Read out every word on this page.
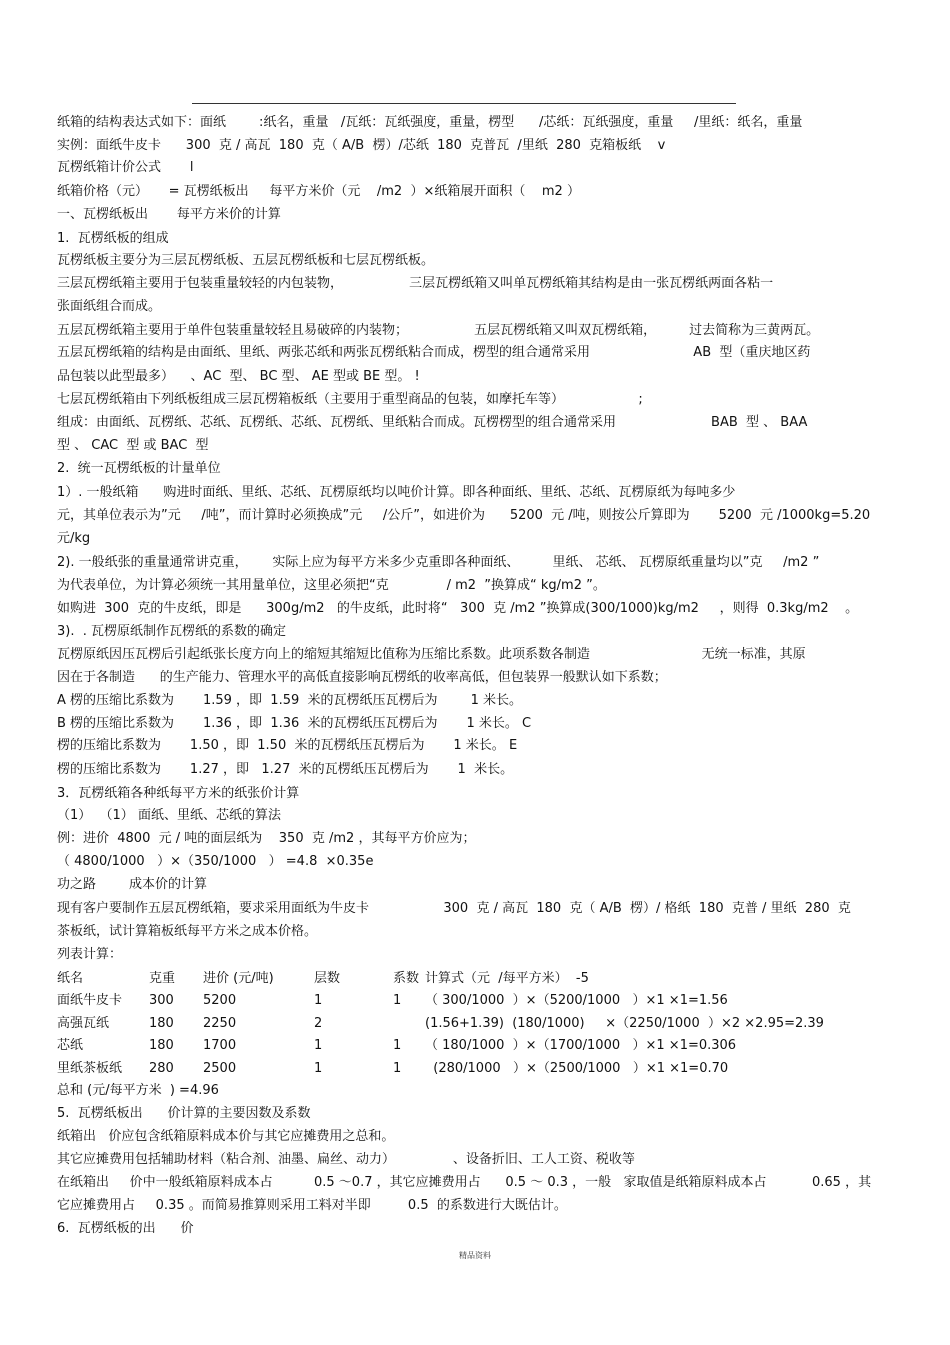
纸箱的结构表达式如下：面纸        :纸名，重量   /瓦纸：瓦纸强度，重量，楞型      /芯纸：瓦纸强度，重量     /里纸：纸名，重量
实例：面纸牛皮卡      300  克 / 高瓦  180  克（ A/B  楞）/芯纸  180  克普瓦  /里纸  280  克箱板纸    v
瓦楞纸箱计价公式       l
纸箱价格（元）     = 瓦楞纸板出     每平方米价（元    /m2  ）×纸箱展开面积（    m2 ）
一、瓦楞纸板出       每平方米价的计算
1.  瓦楞纸板的组成
瓦楞纸板主要分为三层瓦楞纸板、五层瓦楞纸板和七层瓦楞纸板。
三层瓦楞纸箱主要用于包装重量较轻的内包装物，                三层瓦楞纸箱又叫单瓦楞纸箱其结构是由一张瓦楞纸两面各粘一
张面纸组合而成。
五层瓦楞纸箱主要用于单件包装重量较轻且易破碎的内装物；                五层瓦楞纸箱又叫双瓦楞纸箱，        过去简称为三黄两瓦。
五层瓦楞纸箱的结构是由面纸、里纸、两张芯纸和两张瓦楞纸粘合而成，楞型的组合通常采用                         AB  型（重庆地区药
品包装以此型最多）    、AC  型、 BC 型、 AE 型或 BE 型。 !
七层瓦楞纸箱由下列纸板组成三层瓦楞箱板纸（主要用于重型商品的包装，如摩托车等）                  ;
组成：由面纸、瓦楞纸、芯纸、瓦楞纸、芯纸、瓦楞纸、里纸粘合而成。瓦楞楞型的组合通常采用                       BAB  型 、 BAA
型 、 CAC  型 或 BAC  型
2.  统一瓦楞纸板的计量单位
1）. 一般纸箱      购进时面纸、里纸、芯纸、瓦楞原纸均以吨价计算。即各种面纸、里纸、芯纸、瓦楞原纸为每吨多少
元，其单位表示为”元     /吨”，而计算时必须换成”元     /公斤”，如进价为      5200  元 /吨，则按公斤算即为       5200  元 /1000kg=5.20
元/kg
2). 一般纸张的重量通常讲克重，      实际上应为每平方米多少克重即各种面纸、        里纸、 芯纸、 瓦楞原纸重量均以”克     /m2 ”
为代表单位，为计算必须统一其用量单位，这里必须把“克              / m2  ”换算成“ kg/m2 ”。
如购进  300  克的牛皮纸，即是      300g/m2   的牛皮纸，此时将“   300  克 /m2 ”换算成(300/1000)kg/m2     ，则得  0.3kg/m2    。
3).  . 瓦楞原纸制作瓦楞纸的系数的确定
瓦楞原纸因压瓦楞后引起纸张长度方向上的缩短其缩短比值称为压缩比系数。此项系数各制造                           无统一标准，其原
因在于各制造      的生产能力、管理水平的高低直接影响瓦楞纸的收率高低，但包装界一般默认如下系数；
A 楞的压缩比系数为       1.59 ，即  1.59  米的瓦楞纸压瓦楞后为        1 米长。
B 楞的压缩比系数为       1.36 ，即  1.36  米的瓦楞纸压瓦楞后为       1 米长。 C
楞的压缩比系数为       1.50 ，即  1.50  米的瓦楞纸压瓦楞后为       1 米长。 E
楞的压缩比系数为       1.27 ，即   1.27  米的瓦楞纸压瓦楞后为       1  米长。
3．瓦楞纸箱各种纸每平方米的纸张价计算
（1）  （1） 面纸、里纸、芯纸的算法
例：进价  4800  元 / 吨的面层纸为    350  克 /m2 ，其每平方价应为；
（ 4800/1000   ）×（350/1000   ） =4.8  ×0.35e
功之路        成本价的计算
现有客户要制作五层瓦楞纸箱，要求采用面纸为牛皮卡                  300  克 / 高瓦  180  克（ A/B  楞）/ 格纸  180  克普 / 里纸  280  克
茶板纸，试计算箱板纸每平方米之成本价格。
列表计算：
纸名	克重 进价 (元/吨)	层数	系数 计算式（元  /每平方米）  -5
面纸牛皮卡 300 5200	1	1 （ 300/1000  ）×（5200/1000   ）×1 ×1=1.56
高强瓦纸	180 2250	2	(1.56+1.39)  (180/1000)     ×（2250/1000  ）×2 ×2.95=2.39
芯纸	180 1700	1	1 （ 180/1000  ）×（1700/1000   ）×1 ×1=0.306
里纸茶板纸 280 2500	1	1 (280/1000   ）×（2500/1000   ）×1 ×1=0.70
总和 (元/每平方米  ) =4.96
5.  瓦楞纸板出      价计算的主要因数及系数
纸箱出   价应包含纸箱原料成本价与其它应摊费用之总和。
其它应摊费用包括辅助材料（粘合剂、油墨、扁丝、动力）              、设备折旧、工人工资、税收等
在纸箱出     价中一般纸箱原料成本占          0.5 ～0.7 ，其它应摊费用占      0.5 ～ 0.3 ，一般   家取值是纸箱原料成本占           0.65 ，其
它应摊费用占     0.35 。而简易推算则采用工料对半即         0.5  的系数进行大既估计。
6.  瓦楞纸板的出      价
精品资料
